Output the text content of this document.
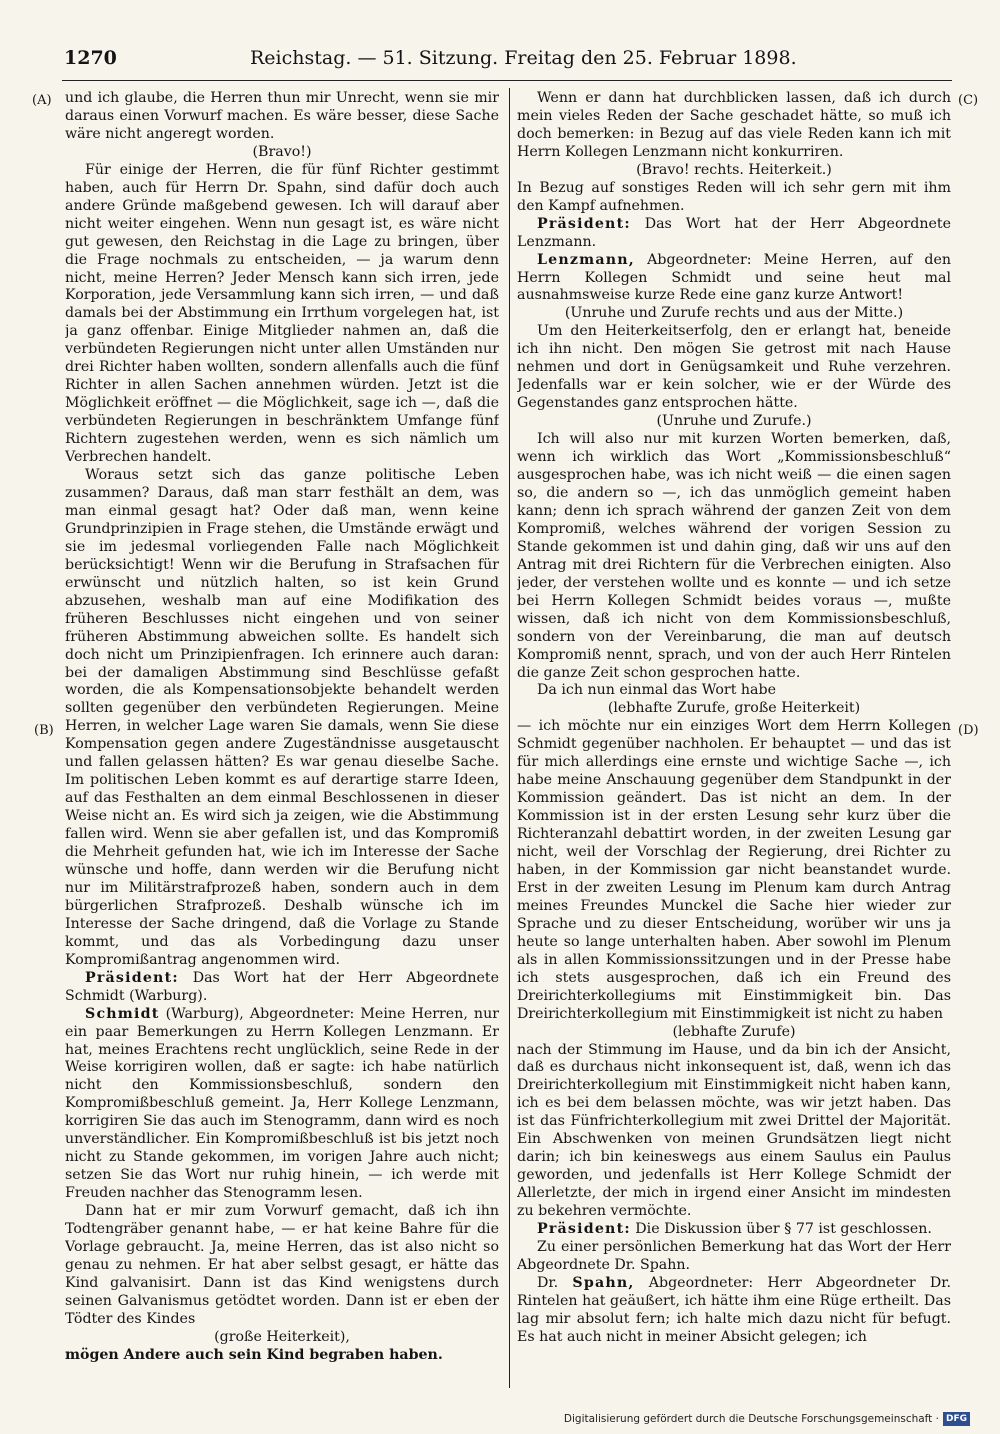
1270	Reichstag. — 51. Sitzung. Freitag den 25. Februar 1898.
(A)
(B)
(C)
(D)

und ich glaube, die Herren thun mir Unrecht, wenn sie mir daraus einen Vorwurf machen. Es wäre besser, diese Sache wäre nicht angeregt worden.

(Bravo!)

Für einige der Herren, die für fünf Richter gestimmt haben, auch für Herrn Dr. Spahn, sind dafür doch auch andere Gründe maßgebend gewesen. Ich will darauf aber nicht weiter eingehen. Wenn nun gesagt ist, es wäre nicht gut gewesen, den Reichstag in die Lage zu bringen, über die Frage nochmals zu entscheiden, — ja warum denn nicht, meine Herren? Jeder Mensch kann sich irren, jede Korporation, jede Versammlung kann sich irren, — und daß damals bei der Abstimmung ein Irrthum vorgelegen hat, ist ja ganz offenbar. Einige Mitglieder nahmen an, daß die verbündeten Regierungen nicht unter allen Umständen nur drei Richter haben wollten, sondern allenfalls auch die fünf Richter in allen Sachen annehmen würden. Jetzt ist die Möglichkeit eröffnet — die Möglichkeit, sage ich —, daß die verbündeten Regierungen in beschränktem Umfange fünf Richtern zugestehen werden, wenn es sich nämlich um Verbrechen handelt.

Woraus setzt sich das ganze politische Leben zusammen? Daraus, daß man starr festhält an dem, was man einmal gesagt hat? Oder daß man, wenn keine Grundprinzipien in Frage stehen, die Umstände erwägt und sie im jedesmal vorliegenden Falle nach Möglichkeit berücksichtigt! Wenn wir die Berufung in Strafsachen für erwünscht und nützlich halten, so ist kein Grund abzusehen, weshalb man auf eine Modifikation des früheren Beschlusses nicht eingehen und von seiner früheren Abstimmung abweichen sollte. Es handelt sich doch nicht um Prinzipienfragen. Ich erinnere auch daran: bei der damaligen Abstimmung sind Beschlüsse gefaßt worden, die als Kompensationsobjekte behandelt werden sollten gegenüber den verbündeten Regierungen. Meine Herren, in welcher Lage waren Sie damals, wenn Sie diese Kompensation gegen andere Zugeständnisse ausgetauscht und fallen gelassen hätten? Es war genau dieselbe Sache. Im politischen Leben kommt es auf derartige starre Ideen, auf das Festhalten an dem einmal Beschlossenen in dieser Weise nicht an. Es wird sich ja zeigen, wie die Abstimmung fallen wird. Wenn sie aber gefallen ist, und das Kompromiß die Mehrheit gefunden hat, wie ich im Interesse der Sache wünsche und hoffe, dann werden wir die Berufung nicht nur im Militärstrafprozeß haben, sondern auch in dem bürgerlichen Strafprozeß. Deshalb wünsche ich im Interesse der Sache dringend, daß die Vorlage zu Stande kommt, und das als Vorbedingung dazu unser Kompromißantrag angenommen wird.

Präsident: Das Wort hat der Herr Abgeordnete Schmidt (Warburg).

Schmidt (Warburg), Abgeordneter: Meine Herren, nur ein paar Bemerkungen zu Herrn Kollegen Lenzmann. Er hat, meines Erachtens recht unglücklich, seine Rede in der Weise korrigiren wollen, daß er sagte: ich habe natürlich nicht den Kommissionsbeschluß, sondern den Kompromißbeschluß gemeint. Ja, Herr Kollege Lenzmann, korrigiren Sie das auch im Stenogramm, dann wird es noch unverständlicher. Ein Kompromißbeschluß ist bis jetzt noch nicht zu Stande gekommen, im vorigen Jahre auch nicht; setzen Sie das Wort nur ruhig hinein, — ich werde mit Freuden nachher das Stenogramm lesen.

Dann hat er mir zum Vorwurf gemacht, daß ich ihn Todtengräber genannt habe, — er hat keine Bahre für die Vorlage gebraucht. Ja, meine Herren, das ist also nicht so genau zu nehmen. Er hat aber selbst gesagt, er hätte das Kind galvanisirt. Dann ist das Kind wenigstens durch seinen Galvanismus getödtet worden. Dann ist er eben der Tödter des Kindes

(große Heiterkeit),

mögen Andere auch sein Kind begraben haben.

Wenn er dann hat durchblicken lassen, daß ich durch mein vieles Reden der Sache geschadet hätte, so muß ich doch bemerken: in Bezug auf das viele Reden kann ich mit Herrn Kollegen Lenzmann nicht konkurriren.

(Bravo! rechts. Heiterkeit.)

In Bezug auf sonstiges Reden will ich sehr gern mit ihm den Kampf aufnehmen.

Präsident: Das Wort hat der Herr Abgeordnete Lenzmann.

Lenzmann, Abgeordneter: Meine Herren, auf den Herrn Kollegen Schmidt und seine heut mal ausnahmsweise kurze Rede eine ganz kurze Antwort!

(Unruhe und Zurufe rechts und aus der Mitte.)

Um den Heiterkeitserfolg, den er erlangt hat, beneide ich ihn nicht. Den mögen Sie getrost mit nach Hause nehmen und dort in Genügsamkeit und Ruhe verzehren. Jedenfalls war er kein solcher, wie er der Würde des Gegenstandes ganz entsprochen hätte.

(Unruhe und Zurufe.)

Ich will also nur mit kurzen Worten bemerken, daß, wenn ich wirklich das Wort „Kommissionsbeschluß“ ausgesprochen habe, was ich nicht weiß — die einen sagen so, die andern so —, ich das unmöglich gemeint haben kann; denn ich sprach während der ganzen Zeit von dem Kompromiß, welches während der vorigen Session zu Stande gekommen ist und dahin ging, daß wir uns auf den Antrag mit drei Richtern für die Verbrechen einigten. Also jeder, der verstehen wollte und es konnte — und ich setze bei Herrn Kollegen Schmidt beides voraus —, mußte wissen, daß ich nicht von dem Kommissionsbeschluß, sondern von der Vereinbarung, die man auf deutsch Kompromiß nennt, sprach, und von der auch Herr Rintelen die ganze Zeit schon gesprochen hatte.

Da ich nun einmal das Wort habe

(lebhafte Zurufe, große Heiterkeit)

— ich möchte nur ein einziges Wort dem Herrn Kollegen Schmidt gegenüber nachholen. Er behauptet — und das ist für mich allerdings eine ernste und wichtige Sache —, ich habe meine Anschauung gegenüber dem Standpunkt in der Kommission geändert. Das ist nicht an dem. In der Kommission ist in der ersten Lesung sehr kurz über die Richteranzahl debattirt worden, in der zweiten Lesung gar nicht, weil der Vorschlag der Regierung, drei Richter zu haben, in der Kommission gar nicht beanstandet wurde. Erst in der zweiten Lesung im Plenum kam durch Antrag meines Freundes Munckel die Sache hier wieder zur Sprache und zu dieser Entscheidung, worüber wir uns ja heute so lange unterhalten haben. Aber sowohl im Plenum als in allen Kommissionssitzungen und in der Presse habe ich stets ausgesprochen, daß ich ein Freund des Dreirichterkollegiums mit Einstimmigkeit bin. Das Dreirichterkollegium mit Einstimmigkeit ist nicht zu haben

(lebhafte Zurufe)

nach der Stimmung im Hause, und da bin ich der Ansicht, daß es durchaus nicht inkonsequent ist, daß, wenn ich das Dreirichterkollegium mit Einstimmigkeit nicht haben kann, ich es bei dem belassen möchte, was wir jetzt haben. Das ist das Fünfrichterkollegium mit zwei Drittel der Majorität. Ein Abschwenken von meinen Grundsätzen liegt nicht darin; ich bin keineswegs aus einem Saulus ein Paulus geworden, und jedenfalls ist Herr Kollege Schmidt der Allerletzte, der mich in irgend einer Ansicht im mindesten zu bekehren vermöchte.

Präsident: Die Diskussion über § 77 ist geschlossen.

Zu einer persönlichen Bemerkung hat das Wort der Herr Abgeordnete Dr. Spahn.

Dr. Spahn, Abgeordneter: Herr Abgeordneter Dr. Rintelen hat geäußert, ich hätte ihm eine Rüge ertheilt. Das lag mir absolut fern; ich halte mich dazu nicht für befugt. Es hat auch nicht in meiner Absicht gelegen; ich

Digitalisierung gefördert durch die Deutsche Forschungsgemeinschaft · DFG
